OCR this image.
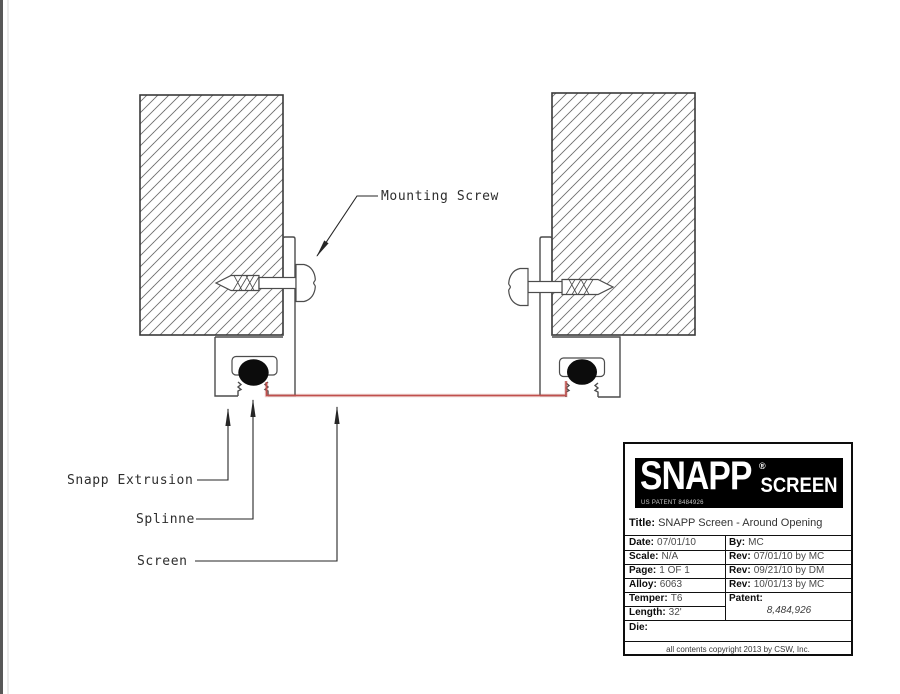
Mounting Screw
Snapp Extrusion
Splinne
Screen
SNAPP ®
SCREEN
US PATENT 8484926
Title: SNAPP Screen - Around Opening
Date: 07/01/10	By: MC
Scale: N/A	Rev: 07/01/10 by MC
Page: 1 OF 1	Rev: 09/21/10 by DM
Alloy: 6063	Rev: 10/01/13 by MC
Temper: T6
Length: 32'
Patent:
8,484,926
Die:
all contents copyright 2013 by CSW, Inc.
